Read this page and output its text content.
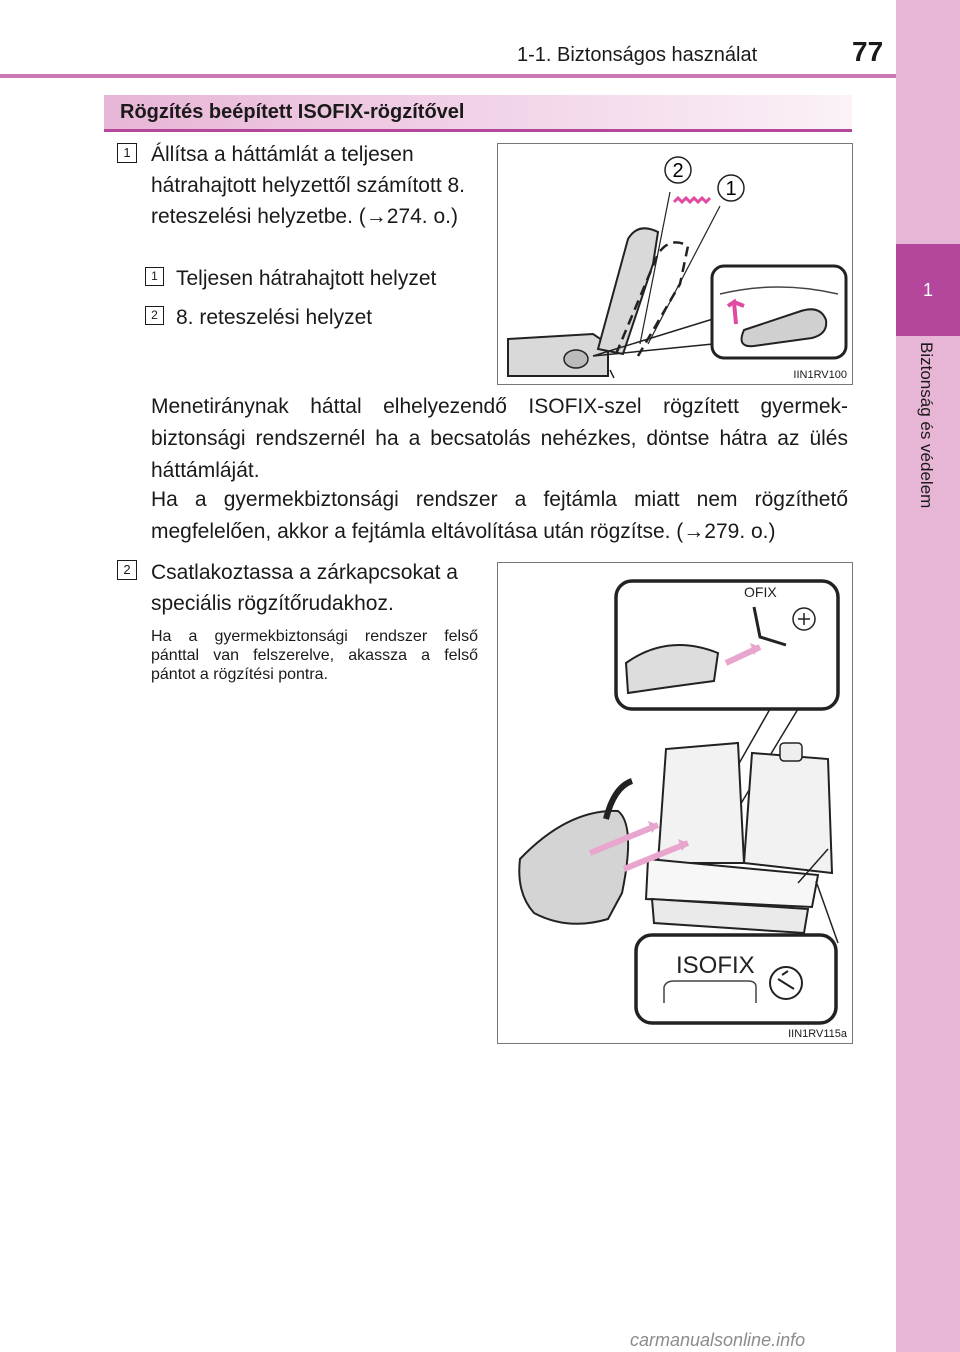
1-1. Biztonságos használat	77
1
Biztonság és védelem
Rögzítés beépített ISOFIX-rögzítővel
1 Állítsa a háttámlát a teljesen hátrahajtott helyzettől számított 8. reteszelési helyzetbe. (→274. o.)
1 Teljesen hátrahajtott helyzet
2 8. reteszelési helyzet
2
1
IIN1RV100
Menetiránynak háttal elhelyezendő ISOFIX-szel rögzített gyermek-biztonsági rendszernél ha a becsatolás nehézkes, döntse hátra az ülés háttámláját.
Ha a gyermekbiztonsági rendszer a fejtámla miatt nem rögzíthető megfelelően, akkor a fejtámla eltávolítása után rögzítse. (→279. o.)
2 Csatlakoztassa a zárkapcsokat a speciális rögzítőrudakhoz.
Ha a gyermekbiztonsági rendszer felső pánttal van felszerelve, akassza a felső pántot a rögzítési pontra.
OFIX
ISOFIX
IIN1RV115a
carmanualsonline.info
